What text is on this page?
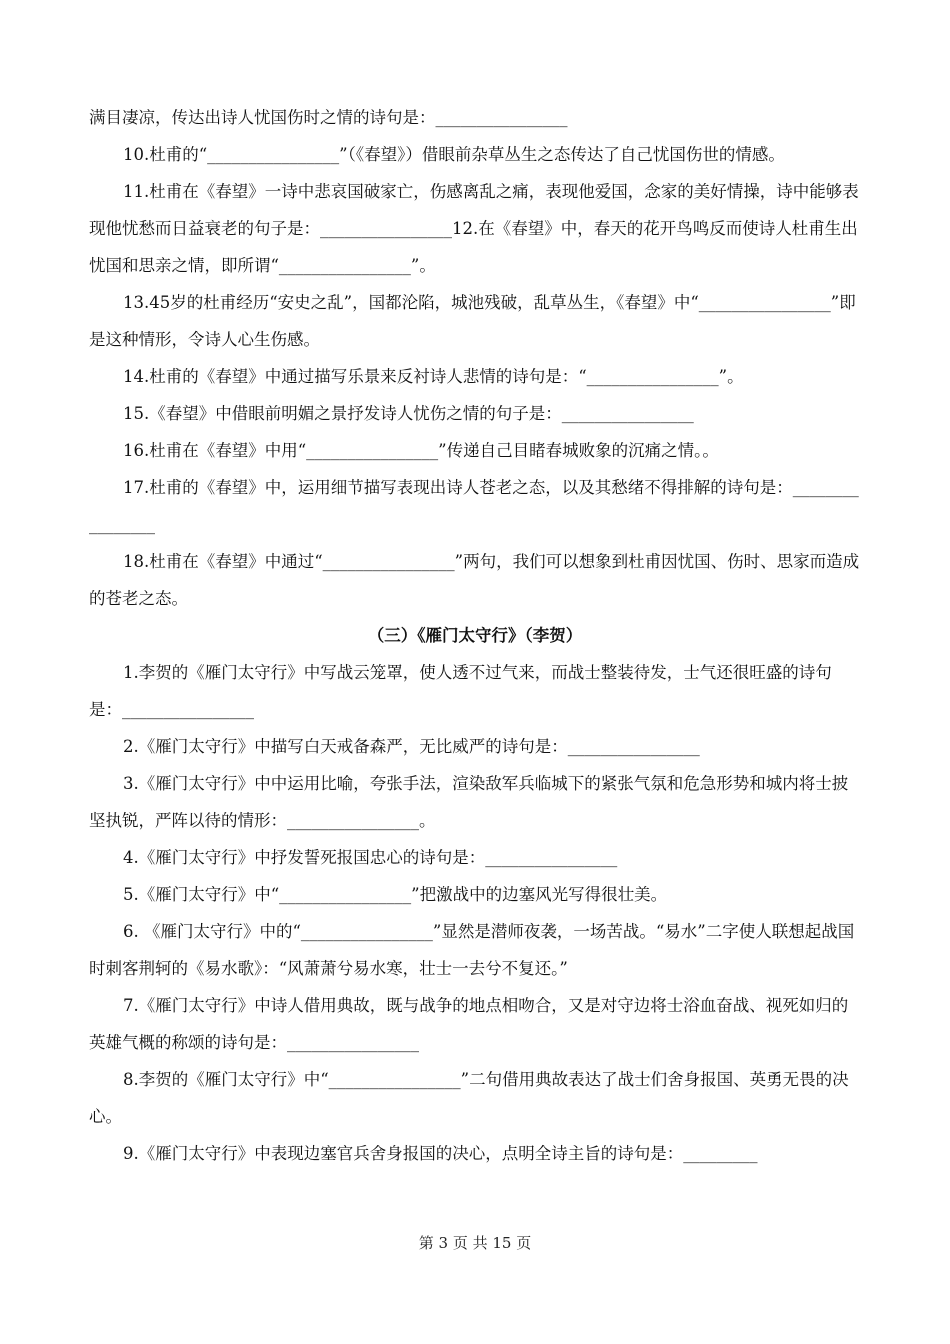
满目凄凉，传达出诗人忧国伤时之情的诗句是：________________

10.杜甫的“________________”（《春望》）借眼前杂草丛生之态传达了自己忧国伤世的情感。

11.杜甫在《春望》一诗中悲哀国破家亡，伤感离乱之痛，表现他爱国，念家的美好情操，诗中能够表现他忧愁而日益衰老的句子是：________________12.在《春望》中，春天的花开鸟鸣反而使诗人杜甫生出忧国和思亲之情，即所谓“________________”。

13.45岁的杜甫经历“安史之乱”，国都沦陷，城池残破，乱草丛生，《春望》中“________________”即是这种情形，令诗人心生伤感。

14.杜甫的《春望》中通过描写乐景来反衬诗人悲情的诗句是：“________________”。

15.《春望》中借眼前明媚之景抒发诗人忧伤之情的句子是：________________

16.杜甫在《春望》中用“________________”传递自己目睹春城败象的沉痛之情。。

17.杜甫的《春望》中，运用细节描写表现出诗人苍老之态，以及其愁绪不得排解的诗句是：________________

18.杜甫在《春望》中通过“________________”两句，我们可以想象到杜甫因忧国、伤时、思家而造成的苍老之态。

（三）《雁门太守行》（李贺）

1.李贺的《雁门太守行》中写战云笼罩，使人透不过气来，而战士整装待发，士气还很旺盛的诗句是：________________

2.《雁门太守行》中描写白天戒备森严，无比威严的诗句是：________________

3.《雁门太守行》中中运用比喻，夸张手法，渲染敌军兵临城下的紧张气氛和危急形势和城内将士披坚执锐，严阵以待的情形：________________。

4.《雁门太守行》中抒发誓死报国忠心的诗句是：________________

5.《雁门太守行》中“________________”把激战中的边塞风光写得很壮美。

6. 《雁门太守行》中的“________________”显然是潜师夜袭，一场苦战。“易水”二字使人联想起战国时刺客荆轲的《易水歌》：“风萧萧兮易水寒，壮士一去兮不复还。”

7.《雁门太守行》中诗人借用典故，既与战争的地点相吻合，又是对守边将士浴血奋战、视死如归的英雄气概的称颂的诗句是：________________

8.李贺的《雁门太守行》中“________________”二句借用典故表达了战士们舍身报国、英勇无畏的决心。

9.《雁门太守行》中表现边塞官兵舍身报国的决心，点明全诗主旨的诗句是：_________

第 3 页 共 15 页
